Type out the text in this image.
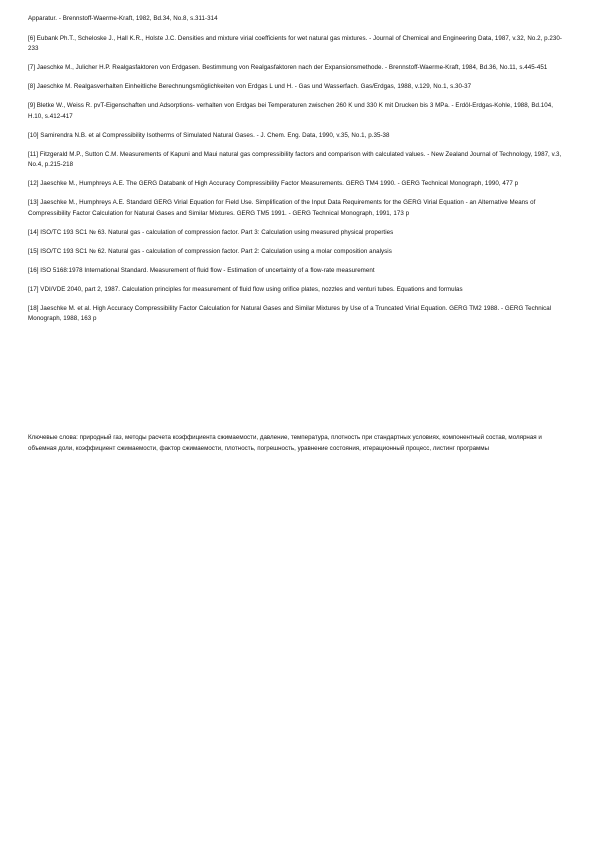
Apparatur. - Brennstoff-Waerme-Kraft, 1982, Bd.34, No.8, s.311-314

[6] Eubank Ph.T., Scheloske J., Hall K.R., Holste J.C. Densities and mixture virial coefficients for wet natural gas mixtures. - Journal of Chemical and Engineering Data, 1987, v.32, No.2, p.230-233

[7] Jaeschke M., Julicher H.P. Realgasfaktoren von Erdgasen. Bestimmung von Realgasfaktoren nach der Expansionsmethode. - Brennstoff-Waerme-Kraft, 1984, Bd.36, No.11, s.445-451

[8] Jaeschke M. Realgasverhalten Einheitliche Berechnungsmöglichkeiten von Erdgas L und H. - Gas und Wasserfach. Gas/Erdgas, 1988, v.129, No.1, s.30-37

[9] Bletke W., Weiss R. pvT-Eigenschaften und Adsorptions- verhalten von Erdgas bei Temperaturen zwischen 260 K und 330 K mit Drucken bis 3 MPa. - Erdöl-Erdgas-Kohle, 1988, Bd.104, H.10, s.412-417

[10] Samirendra N.B. et al Compressibility Isotherms of Simulated Natural Gases. - J. Chem. Eng. Data, 1990, v.35, No.1, p.35-38

[11] Fitzgerald M.P., Sutton C.M. Measurements of Kapuni and Maui natural gas compressibility factors and comparison with calculated values. - New Zealand Journal of Technology, 1987, v.3, No.4, p.215-218

[12] Jaeschke M., Humphreys A.E. The GERG Databank of High Accuracy Compressibility Factor Measurements. GERG TM4 1990. - GERG Technical Monograph, 1990, 477 p

[13] Jaeschke M., Humphreys A.E. Standard GERG Virial Equation for Field Use. Simplification of the Input Data Requirements for the GERG Virial Equation - an Alternative Means of Compressibility Factor Calculation for Natural Gases and Similar Mixtures. GERG TM5 1991. - GERG Technical Monograph, 1991, 173 p

[14] ISO/TC 193 SC1 № 63. Natural gas - calculation of compression factor. Part 3: Calculation using measured physical properties

[15] ISO/TC 193 SC1 № 62. Natural gas - calculation of compression factor. Part 2: Calculation using a molar composition analysis

[16] ISO 5168:1978 International Standard. Measurement of fluid flow - Estimation of uncertainty of a flow-rate measurement

[17] VDI/VDE 2040, part 2, 1987. Calculation principles for measurement of fluid flow using orifice plates, nozzles and venturi tubes. Equations and formulas

[18] Jaeschke M. et al. High Accuracy Compressibility Factor Calculation for Natural Gases and Similar Mixtures by Use of a Truncated Virial Equation. GERG TM2 1988. - GERG Technical Monograph, 1988, 163 p

Ключевые слова: природный газ, методы расчета коэффициента сжимаемости, давление, температура, плотность при стандартных условиях, компонентный состав, молярная и объемная доли, коэффициент сжимаемости, фактор сжимаемости, плотность, погрешность, уравнение состояния, итерационный процесс, листинг программы
